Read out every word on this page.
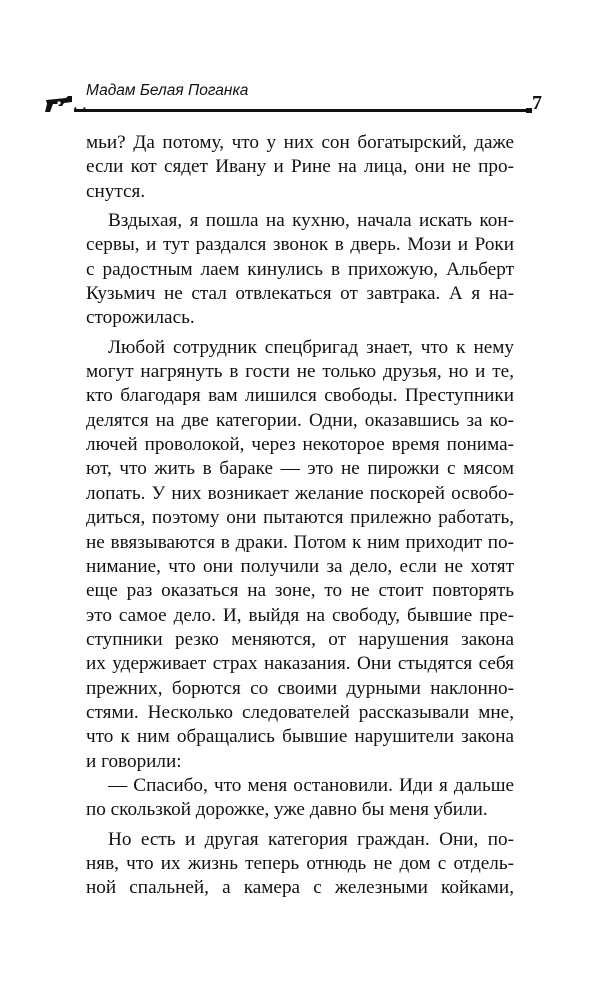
Мадам Белая Поганка
7
мьи? Да потому, что у них сон богатырский, даже
если кот сядет Ивану и Рине на лица, они не про-
снутся.
Вздыхая, я пошла на кухню, начала искать кон-
сервы, и тут раздался звонок в дверь. Мози и Роки
с радостным лаем кинулись в прихожую, Альберт
Кузьмич не стал отвлекаться от завтрака. А я на-
сторожилась.
Любой сотрудник спецбригад знает, что к нему
могут нагрянуть в гости не только друзья, но и те,
кто благодаря вам лишился свободы. Преступники
делятся на две категории. Одни, оказавшись за ко-
лючей проволокой, через некоторое время понима-
ют, что жить в бараке — это не пирожки с мясом
лопать. У них возникает желание поскорей освобо-
диться, поэтому они пытаются прилежно работать,
не ввязываются в драки. Потом к ним приходит по-
нимание, что они получили за дело, если не хотят
еще раз оказаться на зоне, то не стоит повторять
это самое дело. И, выйдя на свободу, бывшие пре-
ступники резко меняются, от нарушения закона
их удерживает страх наказания. Они стыдятся себя
прежних, борются со своими дурными наклонно-
стями. Несколько следователей рассказывали мне,
что к ним обращались бывшие нарушители закона
и говорили:
— Спасибо, что меня остановили. Иди я дальше
по скользкой дорожке, уже давно бы меня убили.
Но есть и другая категория граждан. Они, по-
няв, что их жизнь теперь отнюдь не дом с отдель-
ной спальней, а камера с железными койками,
